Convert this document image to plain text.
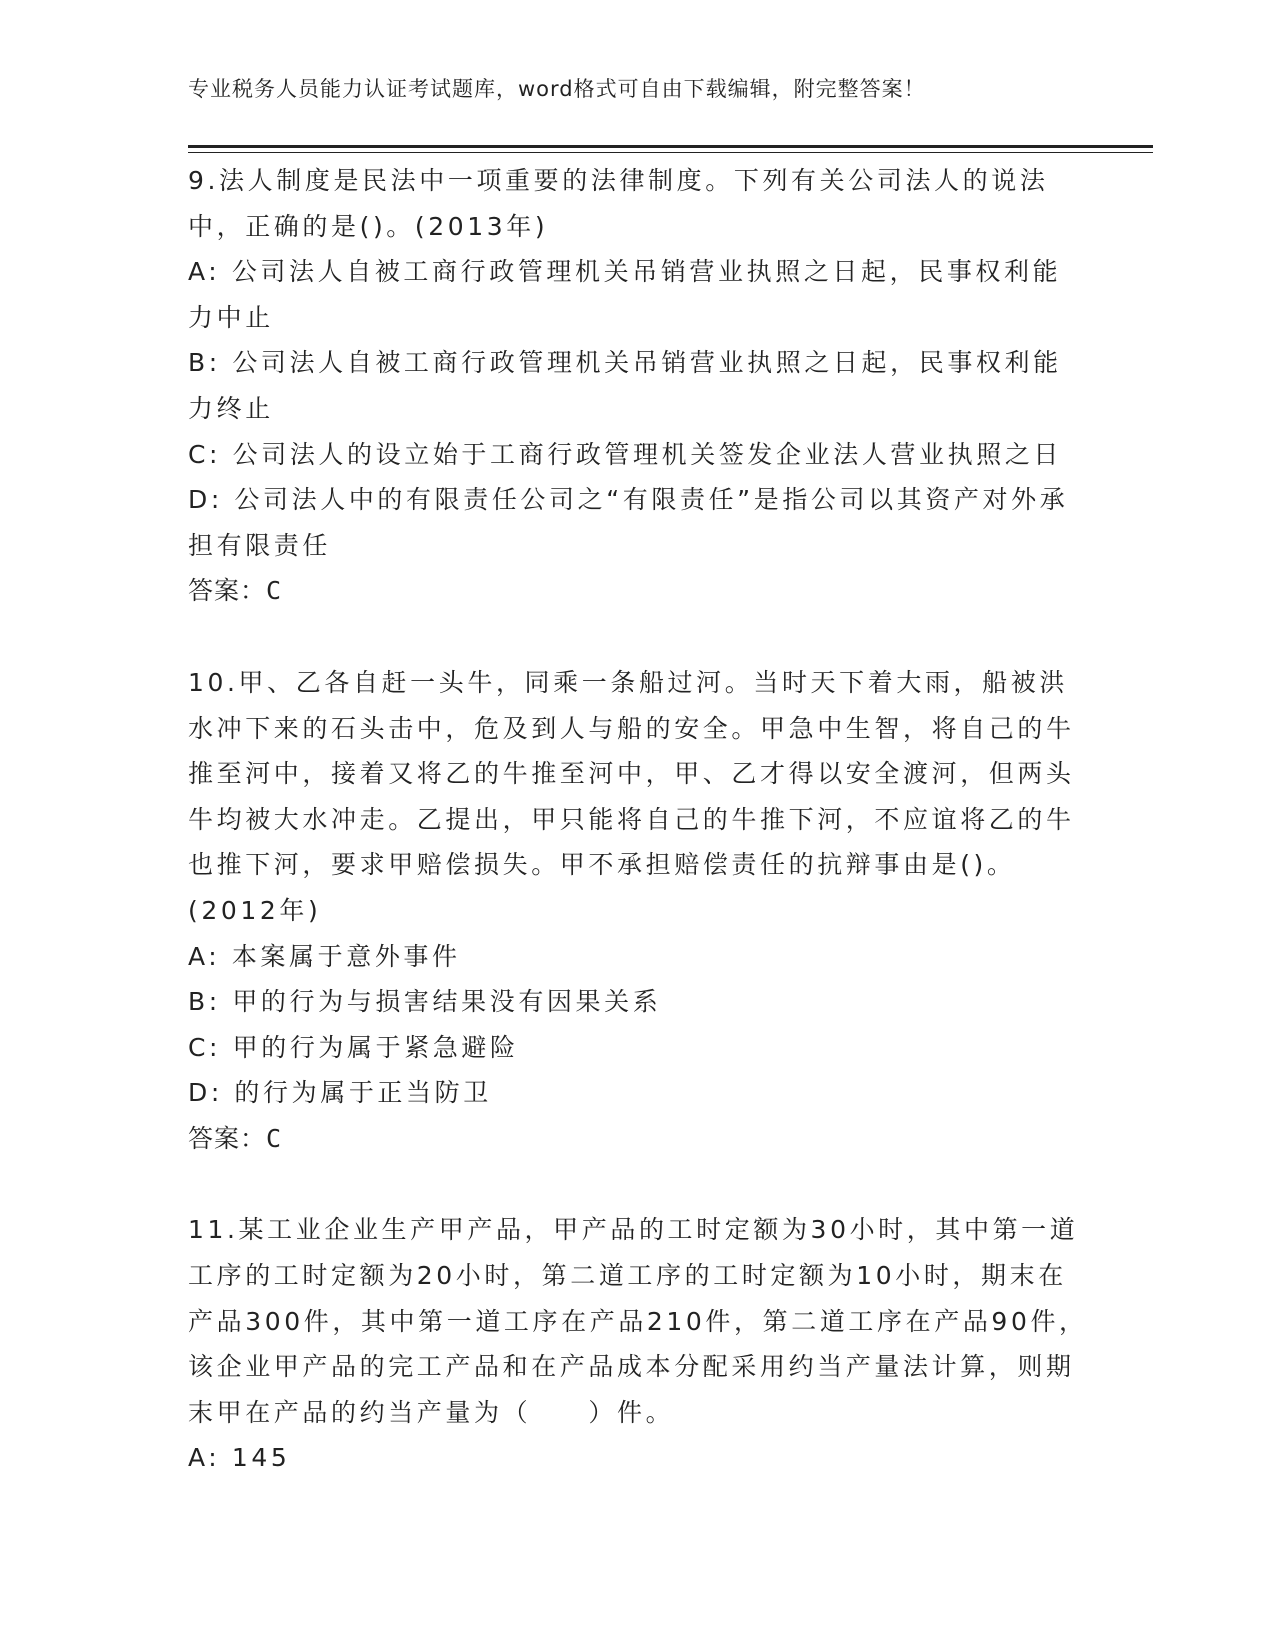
专业税务人员能力认证考试题库，word格式可自由下载编辑，附完整答案！

9.法人制度是民法中一项重要的法律制度。下列有关公司法人的说法中，正确的是()。(2013年)

A: 公司法人自被工商行政管理机关吊销营业执照之日起，民事权利能力中止

B: 公司法人自被工商行政管理机关吊销营业执照之日起，民事权利能力终止

C: 公司法人的设立始于工商行政管理机关签发企业法人营业执照之日

D: 公司法人中的有限责任公司之“有限责任”是指公司以其资产对外承担有限责任

答案：C

10.甲、乙各自赶一头牛，同乘一条船过河。当时天下着大雨，船被洪水冲下来的石头击中，危及到人与船的安全。甲急中生智，将自己的牛推至河中，接着又将乙的牛推至河中，甲、乙才得以安全渡河，但两头牛均被大水冲走。乙提出，甲只能将自己的牛推下河，不应谊将乙的牛也推下河，要求甲赔偿损失。甲不承担赔偿责任的抗辩事由是()。(2012年)

A: 本案属于意外事件

B: 甲的行为与损害结果没有因果关系

C: 甲的行为属于紧急避险

D: 的行为属于正当防卫

答案：C

11.某工业企业生产甲产品，甲产品的工时定额为30小时，其中第一道工序的工时定额为20小时，第二道工序的工时定额为10小时，期末在产品300件，其中第一道工序在产品210件，第二道工序在产品90件，该企业甲产品的完工产品和在产品成本分配采用约当产量法计算，则期末甲在产品的约当产量为（　　）件。

A: 145
